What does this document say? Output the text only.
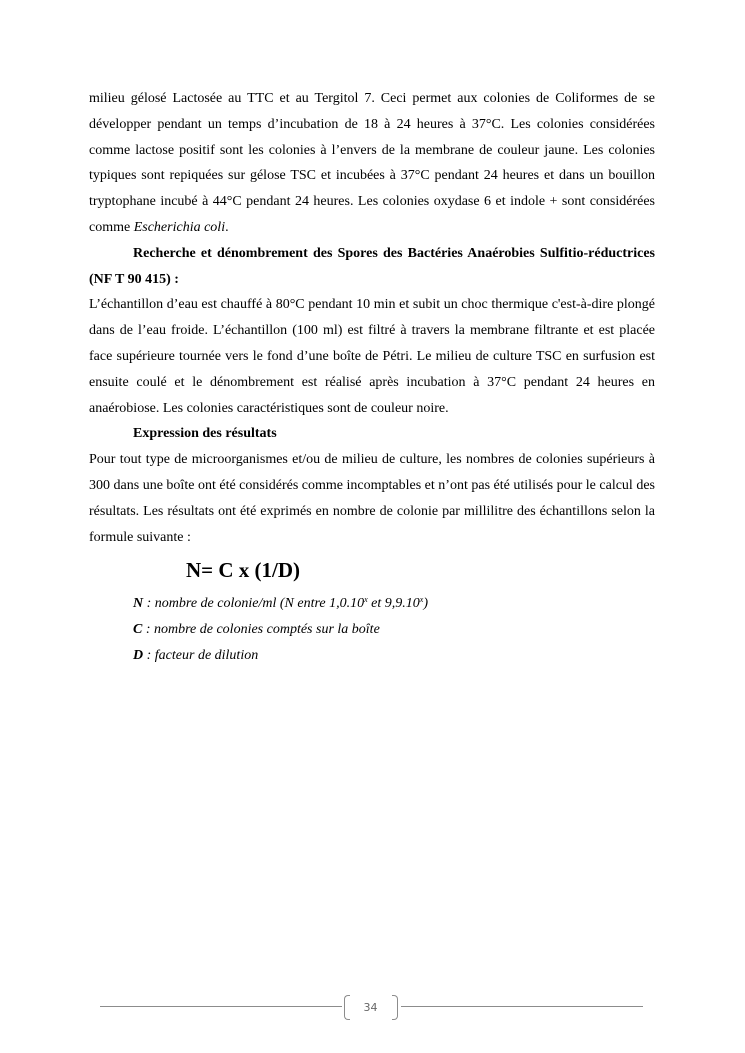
milieu gélosé Lactosée au TTC et au Tergitol 7. Ceci permet aux colonies de Coliformes de se développer pendant un temps d’incubation de 18 à 24 heures à 37°C. Les colonies considérées comme lactose positif sont les colonies à l’envers de la membrane de couleur jaune. Les colonies typiques sont repiquées sur gélose TSC et incubées à 37°C pendant 24 heures et dans un bouillon tryptophane incubé à 44°C pendant 24 heures. Les colonies oxydase 6 et indole + sont considérées comme Escherichia coli.

Recherche et dénombrement des Spores des Bactéries Anaérobies Sulfitio-réductrices (NF T 90 415) :

L’échantillon d’eau est chauffé à 80°C pendant 10 min et subit un choc thermique c'est-à-dire plongé dans de l’eau froide. L’échantillon (100 ml) est filtré à travers la membrane filtrante et est placée face supérieure tournée vers le fond d’une boîte de Pétri. Le milieu de culture TSC en surfusion est ensuite coulé et le dénombrement est réalisé après incubation à 37°C pendant 24 heures en anaérobiose. Les colonies caractéristiques sont de couleur noire.

Expression des résultats

Pour tout type de microorganismes et/ou de milieu de culture, les nombres de colonies supérieurs à 300 dans une boîte ont été considérés comme incomptables et n’ont pas été utilisés pour le calcul des résultats. Les résultats ont été exprimés en nombre de colonie par millilitre des échantillons selon la formule suivante :

N= C x (1/D)

N : nombre de colonie/ml (N entre 1,0.10$^x$ et 9,9.10$^x$)

C : nombre de colonies comptés sur la boîte

D : facteur de dilution

34
